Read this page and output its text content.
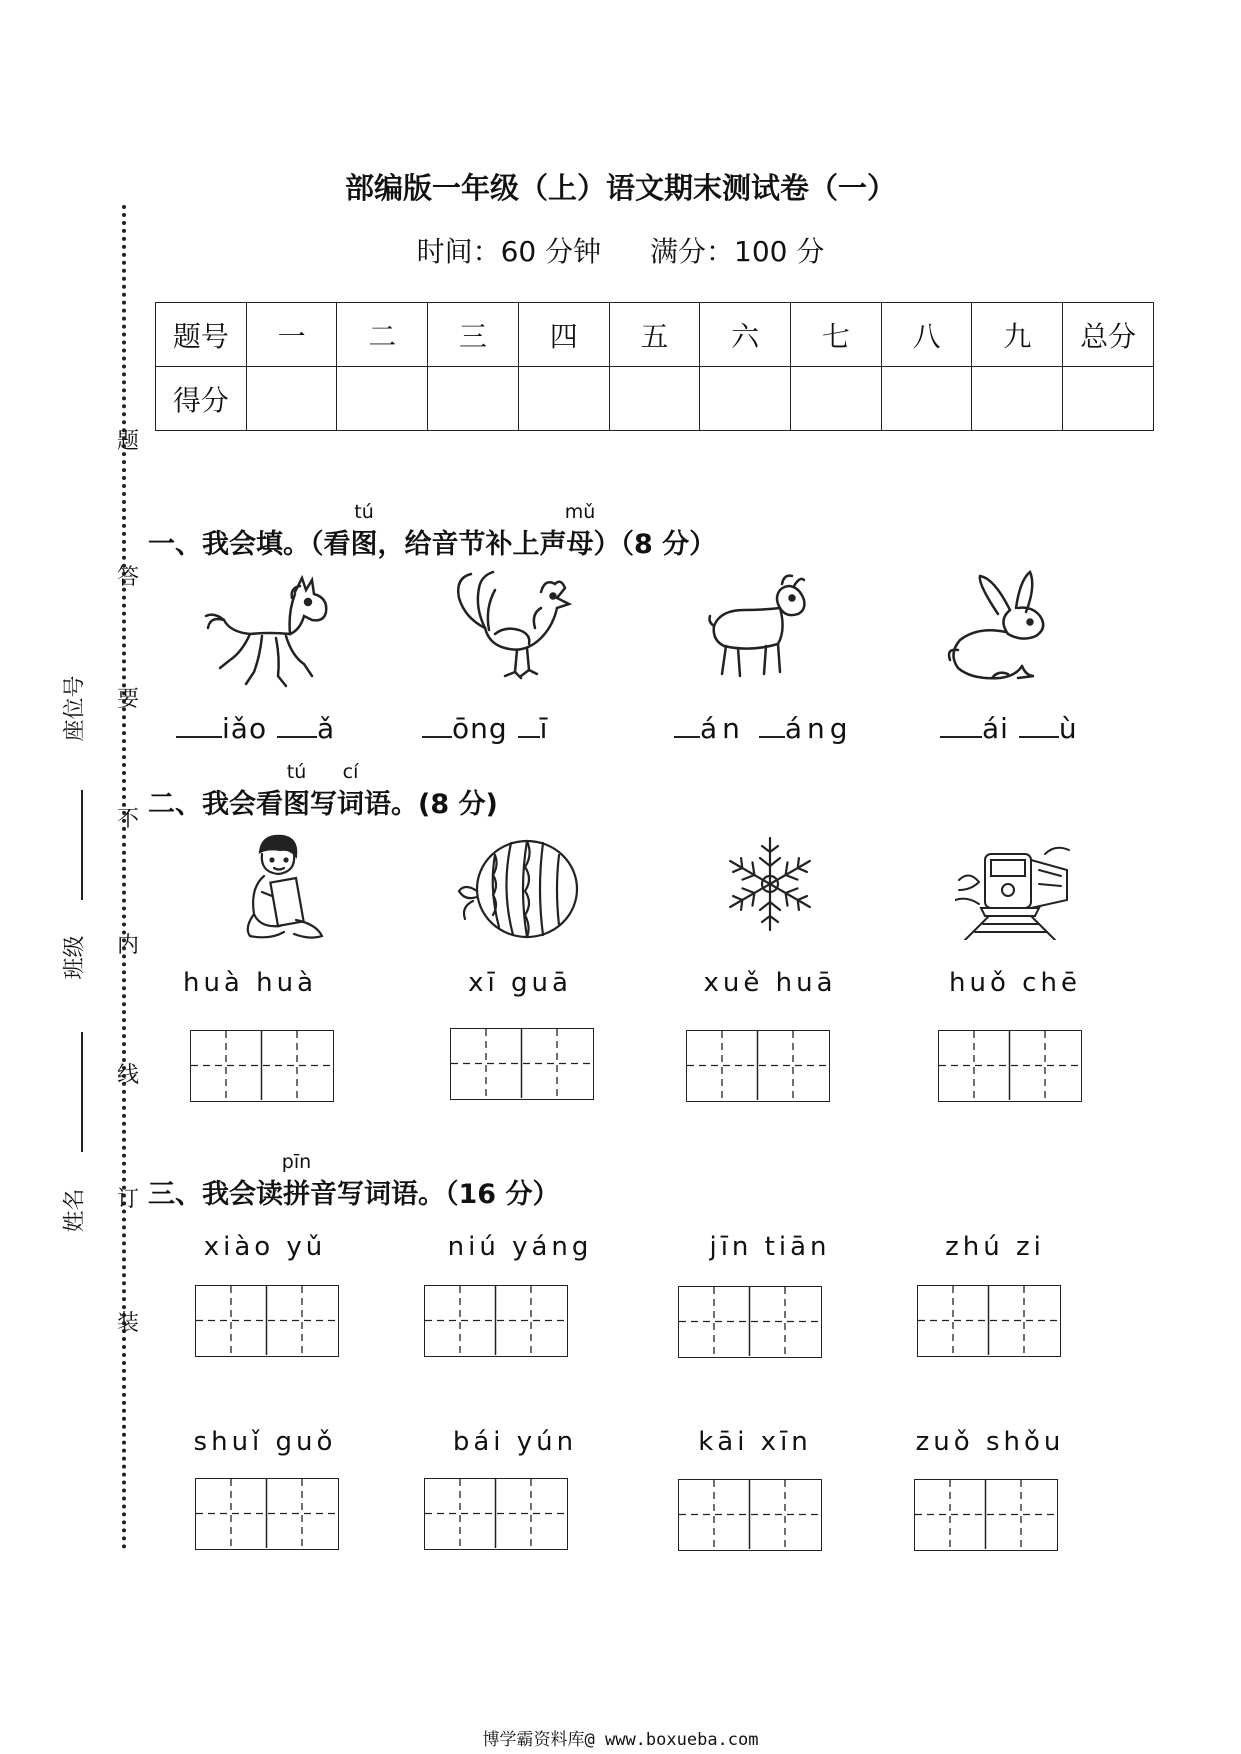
部编版一年级（上）语文期末测试卷（一）
时间：60 分钟 满分：100 分
题号	一	二	三	四	五	六	七	八	九	总分
得分										
题
答
要
不
内
线
订
装
座位号
班级
姓名
一、我会填。（看
tú
图，给音节补上声
mǔ
母）（8 分）
iǎo ǎ	ōng ī	án áng	ái ù
二、我会看
tú
图写
cí
词语。(8 分)
huà huà	xī guā	xuě huā	huǒ chē
三、我会读
pīn
拼音写词语。（16 分）
xiào yǔ	niú yáng	jīn tiān	zhú zi
shuǐ guǒ	bái yún	kāi xīn	zuǒ shǒu
博学霸资料库@ www.boxueba.com
